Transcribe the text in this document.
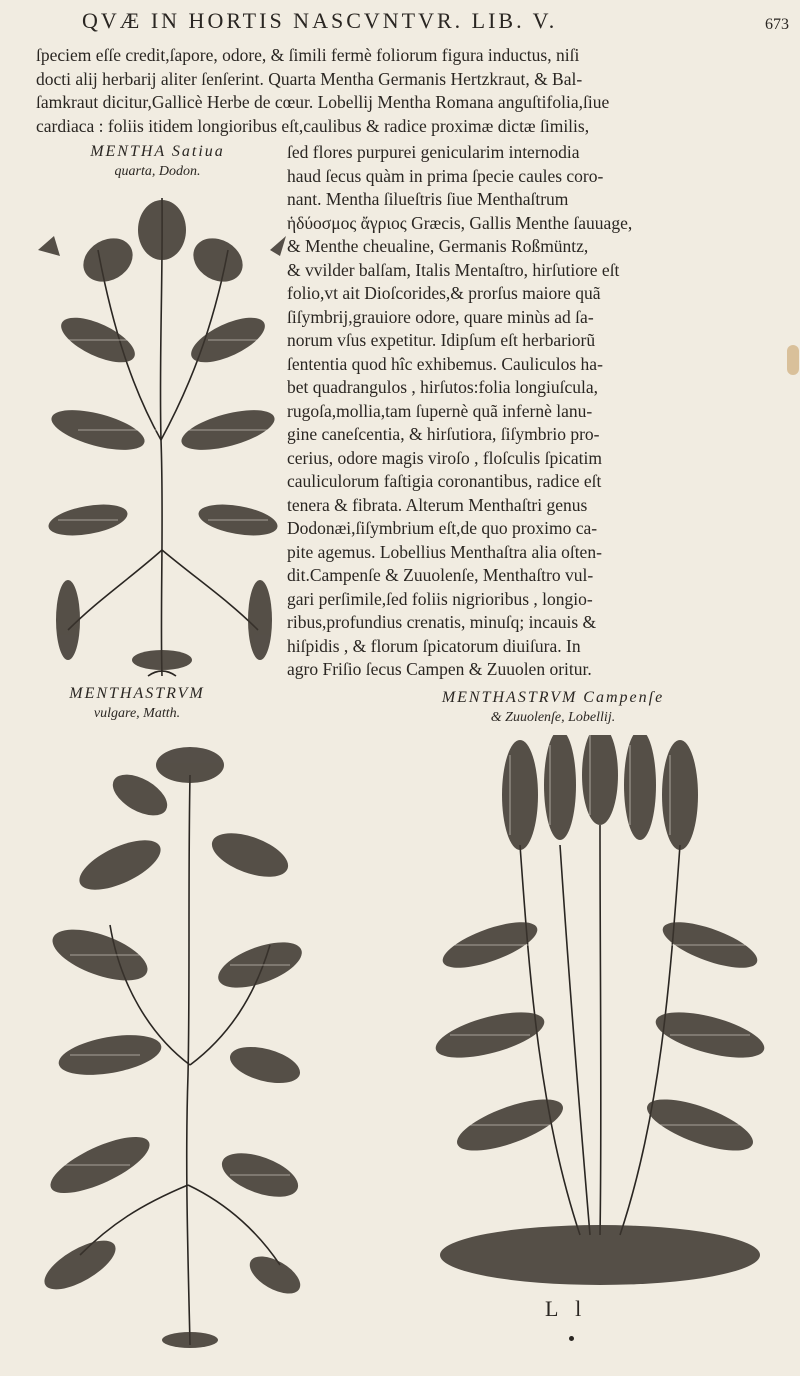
QVÆ IN HORTIS NASCVNTVR. LIB. V.	673
ſpeciem eſſe credit,ſapore, odore, & ſimili fermè foliorum figura inductus, niſi
docti alij herbarij aliter ſenſerint. Quarta Mentha Germanis Hertzkraut, & Bal-
ſamkraut dicitur,Gallicè Herbe de cœur. Lobellij Mentha Romana anguſtifolia,ſiue
cardiaca : foliis itidem longioribus eſt,caulibus & radice proximæ dictæ ſimilis,
MENTHA Satiua
quarta, Dodon.
ſed flores purpurei genicularim internodia
haud ſecus quàm in prima ſpecie caules coro-
nant. Mentha ſilueſtris ſiue Menthaſtrum
ἡδύοσμος ἄγριος Græcis, Gallis Menthe ſauuage,
& Menthe cheualine, Germanis Roßmüntz,
& vvilder balſam, Italis Mentaſtro, hirſutiore eſt
folio,vt ait Dioſcorides,& prorſus maiore quã
ſiſymbrij,grauiore odore, quare minùs ad ſa-
norum vſus expetitur. Idipſum eſt herbariorũ
ſententia quod hîc exhibemus. Cauliculos ha-
bet quadrangulos , hirſutos:folia longiuſcula,
rugoſa,mollia,tam ſupernè quã infernè lanu-
gine caneſcentia, & hirſutiora, ſiſymbrio pro-
cerius, odore magis viroſo , floſculis ſpicatim
cauliculorum faſtigia coronantibus, radice eſt
tenera & fibrata. Alterum Menthaſtri genus
Dodonæi,ſiſymbrium eſt,de quo proximo ca-
pite agemus. Lobellius Menthaſtra alia oſten-
dit.Campenſe & Zuuolenſe, Menthaſtro vul-
gari perſimile,ſed foliis nigrioribus , longio-
ribus,profundius crenatis, minuſq; incauis &
hiſpidis , & florum ſpicatorum diuiſura. In
agro Friſio ſecus Campen & Zuuolen oritur.
MENTHASTRVM
vulgare, Matth.
MENTHASTRVM Campenſe
& Zuuolenſe, Lobellij.
L l
